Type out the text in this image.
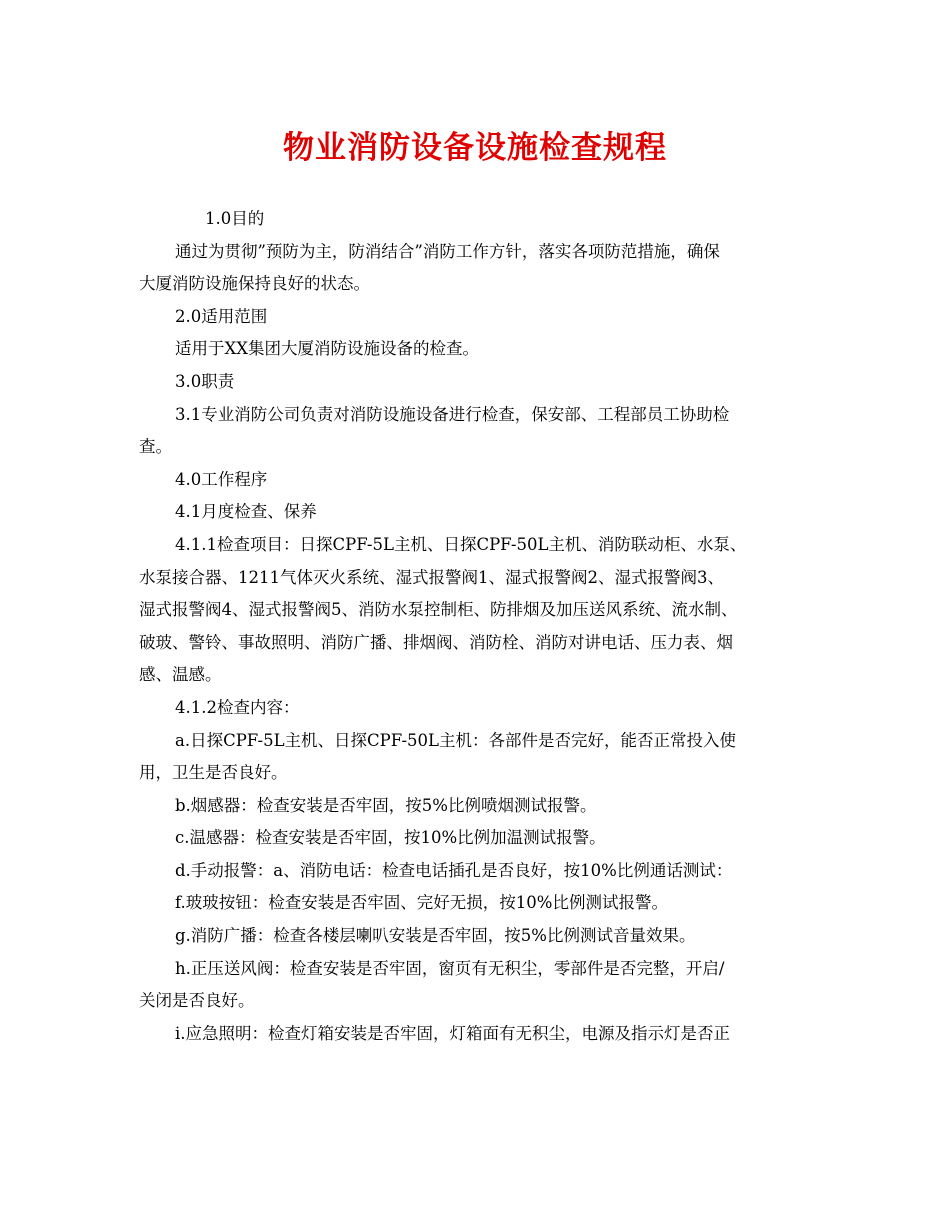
物业消防设备设施检查规程

1.0目的

通过为贯彻”预防为主，防消结合”消防工作方针，落实各项防范措施，确保

大厦消防设施保持良好的状态。

2.0适用范围

适用于XX集团大厦消防设施设备的检查。

3.0职责

3.1专业消防公司负责对消防设施设备进行检查，保安部、工程部员工协助检

查。

4.0工作程序

4.1月度检查、保养

4.1.1检查项目：日探CPF-5L主机、日探CPF-50L主机、消防联动柜、水泵、

水泵接合器、1211气体灭火系统、湿式报警阀1、湿式报警阀2、湿式报警阀3、

湿式报警阀4、湿式报警阀5、消防水泵控制柜、防排烟及加压送风系统、流水制、

破玻、警铃、事故照明、消防广播、排烟阀、消防栓、消防对讲电话、压力表、烟

感、温感。

4.1.2检查内容：

a.日探CPF-5L主机、日探CPF-50L主机：各部件是否完好，能否正常投入使

用，卫生是否良好。

b.烟感器：检查安装是否牢固，按5%比例喷烟测试报警。

c.温感器：检查安装是否牢固，按10%比例加温测试报警。

d.手动报警：a、消防电话：检查电话插孔是否良好，按10%比例通话测试：

f.玻玻按钮：检查安装是否牢固、完好无损，按10%比例测试报警。

g.消防广播：检查各楼层喇叭安装是否牢固，按5%比例测试音量效果。

h.正压送风阀：检查安装是否牢固，窗页有无积尘，零部件是否完整，开启/

关闭是否良好。

i.应急照明：检查灯箱安装是否牢固，灯箱面有无积尘，电源及指示灯是否正
